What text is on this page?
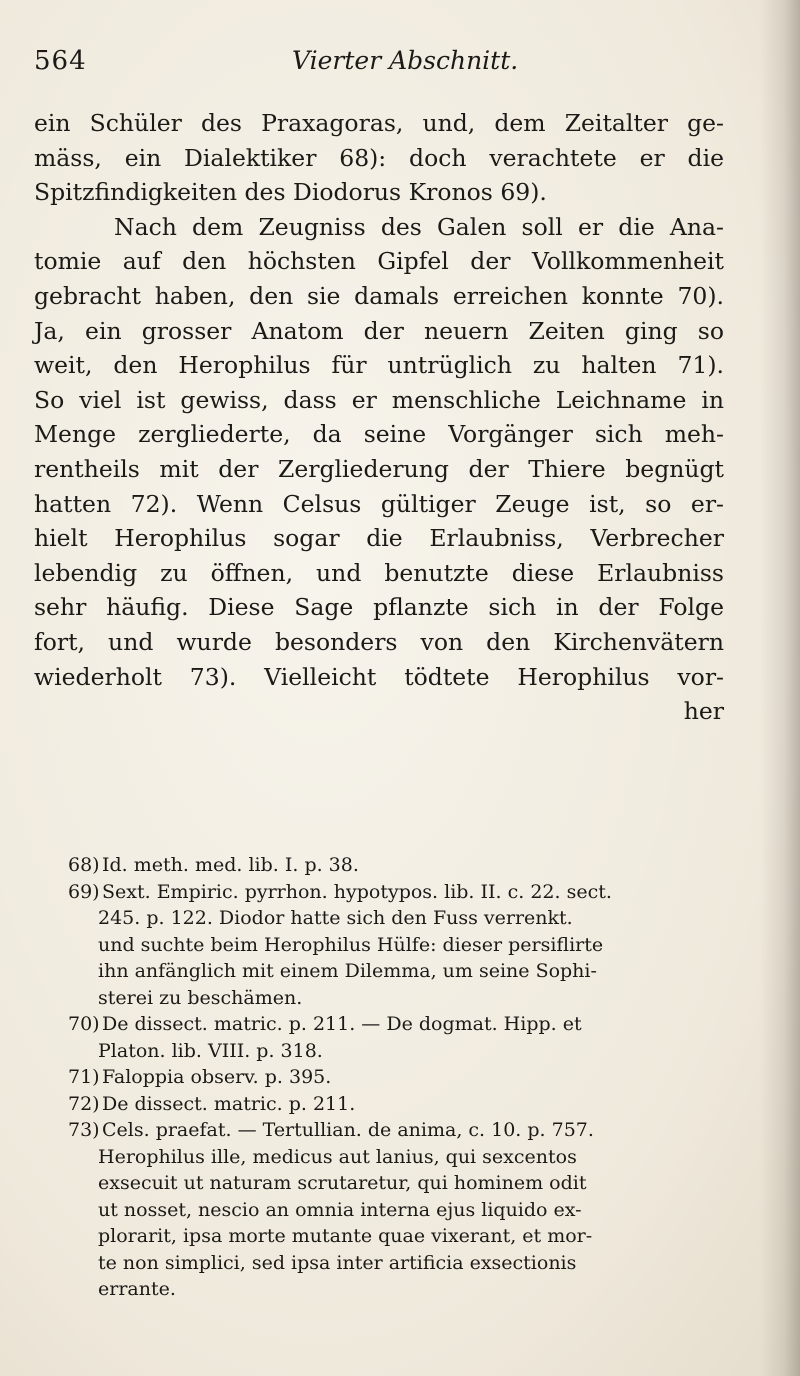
564	Vierter Abschnitt.
ein Schüler des Praxagoras, und, dem Zeitalter ge-
mäss, ein Dialektiker 68): doch verachtete er die
Spitzfindigkeiten des Diodorus Kronos 69).
Nach dem Zeugniss des Galen soll er die Ana-
tomie auf den höchsten Gipfel der Vollkommenheit
gebracht haben, den sie damals erreichen konnte 70).
Ja, ein grosser Anatom der neuern Zeiten ging so
weit, den Herophilus für untrüglich zu halten 71).
So viel ist gewiss, dass er menschliche Leichname in
Menge zergliederte, da seine Vorgänger sich meh-
rentheils mit der Zergliederung der Thiere begnügt
hatten 72). Wenn Celsus gültiger Zeuge ist, so er-
hielt Herophilus sogar die Erlaubniss, Verbrecher
lebendig zu öffnen, und benutzte diese Erlaubniss
sehr häufig. Diese Sage pflanzte sich in der Folge
fort, und wurde besonders von den Kirchenvätern
wiederholt 73). Vielleicht tödtete Herophilus vor-
her
68) Id. meth. med. lib. I. p. 38.
69) Sext. Empiric. pyrrhon. hypotypos. lib. II. c. 22. sect.
245. p. 122. Diodor hatte sich den Fuss verrenkt.
und suchte beim Herophilus Hülfe: dieser persiflirte
ihn anfänglich mit einem Dilemma, um seine Sophi-
sterei zu beschämen.
70) De dissect. matric. p. 211. — De dogmat. Hipp. et
Platon. lib. VIII. p. 318.
71) Faloppia observ. p. 395.
72) De dissect. matric. p. 211.
73) Cels. praefat. — Tertullian. de anima, c. 10. p. 757.
Herophilus ille, medicus aut lanius, qui sexcentos
exsecuit ut naturam scrutaretur, qui hominem odit
ut nosset, nescio an omnia interna ejus liquido ex-
plorarit, ipsa morte mutante quae vixerant, et mor-
te non simplici, sed ipsa inter artificia exsectionis
errante.
